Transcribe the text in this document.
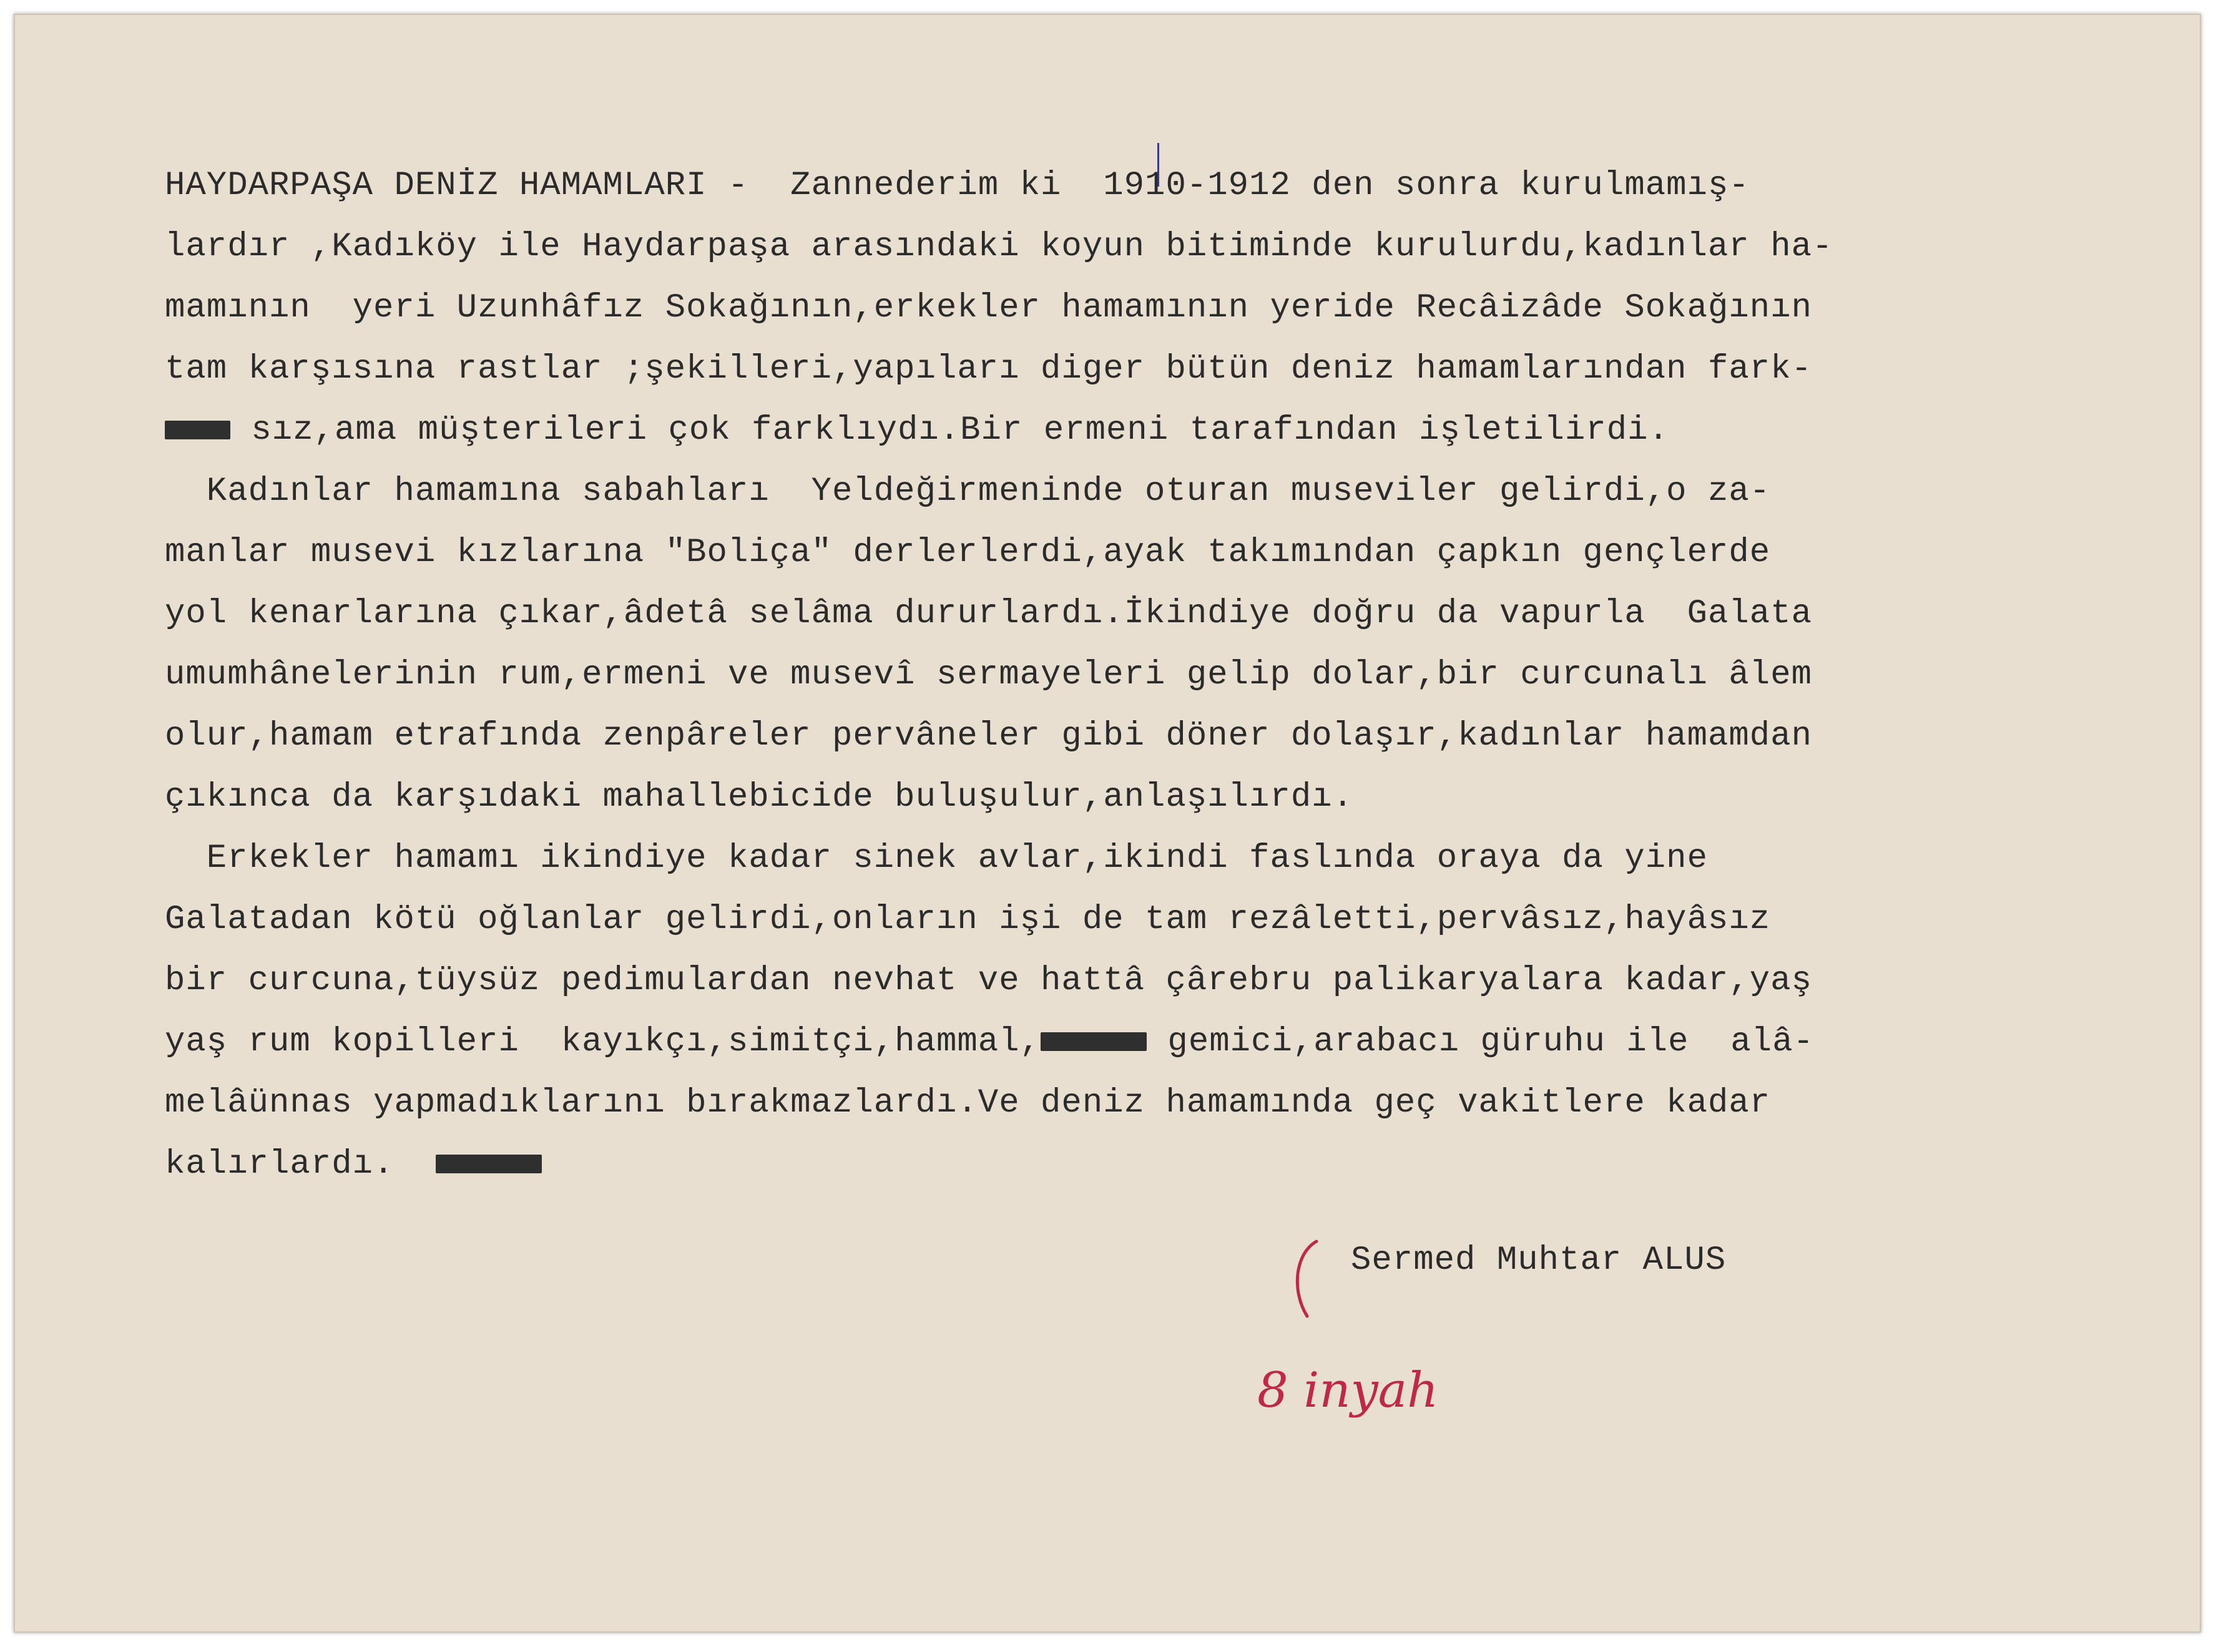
HAYDARPAŞA DENİZ HAMAMLARI -  Zannederim ki  1910-1912 den sonra kurulmamış-

lardır ,Kadıköy ile Haydarpaşa arasındaki koyun bitiminde kurulurdu,kadınlar ha-

mamının  yeri Uzunhâfız Sokağının,erkekler hamamının yeride Recâizâde Sokağının

tam karşısına rastlar ;şekilleri,yapıları diger bütün deniz hamamlarından fark-

sız,ama müşterileri çok farklıydı.Bir ermeni tarafından işletilirdi.

Kadınlar hamamına sabahları  Yeldeğirmeninde oturan museviler gelirdi,o za-

manlar musevi kızlarına "Boliça" derlerlerdi,ayak takımından çapkın gençlerde

yol kenarlarına çıkar,âdetâ selâma dururlardı.İkindiye doğru da vapurla  Galata

umumhânelerinin rum,ermeni ve musevî sermayeleri gelip dolar,bir curcunalı âlem

olur,hamam etrafında zenpâreler pervâneler gibi döner dolaşır,kadınlar hamamdan

çıkınca da karşıdaki mahallebicide buluşulur,anlaşılırdı.

Erkekler hamamı ikindiye kadar sinek avlar,ikindi faslında oraya da yine

Galatadan kötü oğlanlar gelirdi,onların işi de tam rezâletti,pervâsız,hayâsız

bir curcuna,tüysüz pedimulardan nevhat ve hattâ çârebru palikaryalara kadar,yaş

yaş rum kopilleri  kayıkçı,simitçi,hammal,	gemici,arabacı güruhu ile  alâ-

melâünnas yapmadıklarını bırakmazlardı.Ve deniz hamamında geç vakitlere kadar

kalırlardı.

Sermed Muhtar ALUS
8 inyah
